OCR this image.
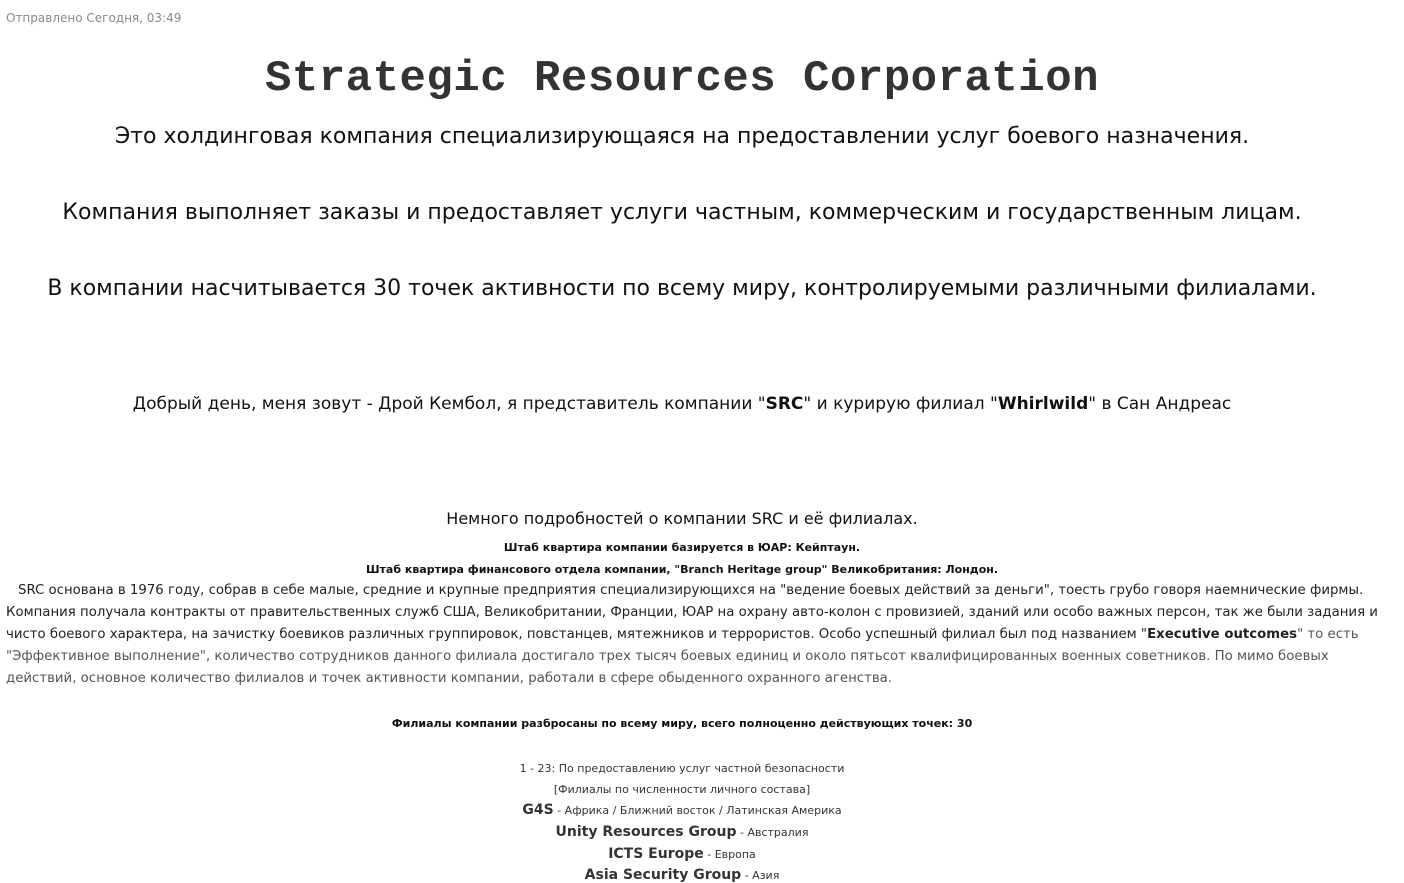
Отправлено Сегодня, 03:49
Strategic Resources Corporation
Это холдинговая компания специализирующаяся на предоставлении услуг боевого назначения.
Компания выполняет заказы и предоставляет услуги частным, коммерческим и государственным лицам.
В компании насчитывается 30 точек активности по всему миру, контролируемыми различными филиалами.
Добрый день, меня зовут - Дрой Кембол, я представитель компании "SRC" и курирую филиал "Whirlwild" в Сан Андреас
Немного подробностей о компании SRC и её филиалах.
Штаб квартира компании базируется в ЮАР: Кейптаун.
Штаб квартира финансового отдела компании, "Branch Heritage group" Великобритания: Лондон.
SRC основана в 1976 году, собрав в себе малые, средние и крупные предприятия специализирующихся на "ведение боевых действий за деньги", тоесть грубо говоря наемнические фирмы. Компания получала контракты от правительственных служб США, Великобритании, Франции, ЮАР на охрану авто-колон с провизией, зданий или особо важных персон, так же были задания и чисто боевого характера, на зачистку боевиков различных группировок, повстанцев, мятежников и террористов. Особо успешный филиал был под названием "Executive outcomes" то есть "Эффективное выполнение", количество сотрудников данного филиала достигало трех тысяч боевых единиц и около пятьсот квалифицированных военных советников. По мимо боевых действий, основное количество филиалов и точек активности компании, работали в сфере обыденного охранного агенства.
Филиалы компании разбросаны по всему миру, всего полноценно действующих точек: 30
1 - 23: По предоставлению услуг частной безопасности
[Филиалы по численности личного состава]
G4S - Африка / Ближний восток / Латинская Америка
Unity Resources Group - Австралия
ICTS Europe - Европа
Asia Security Group - Азия
